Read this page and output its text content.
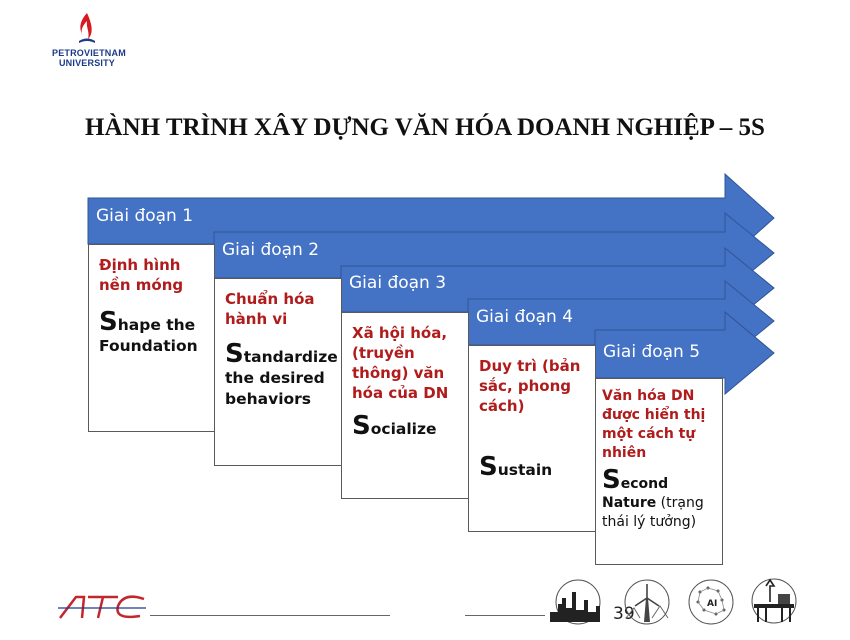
PETROVIETNAM
UNIVERSITY
HÀNH TRÌNH XÂY DỰNG VĂN HÓA DOANH NGHIỆP – 5S
Giai đoạn 1
Giai đoạn 2
Giai đoạn 3
Giai đoạn 4
Giai đoạn 5
Định hình nền móng
Shape the Foundation
Chuẩn hóa hành vi
Standardize the desired behaviors
Xã hội hóa, (truyền thông) văn hóa của DN
Socialize
Duy trì (bản sắc, phong cách)
Sustain
Văn hóa DN được hiển thị một cách tự nhiên
Second Nature (trạng thái lý tưởng)
39	AI
